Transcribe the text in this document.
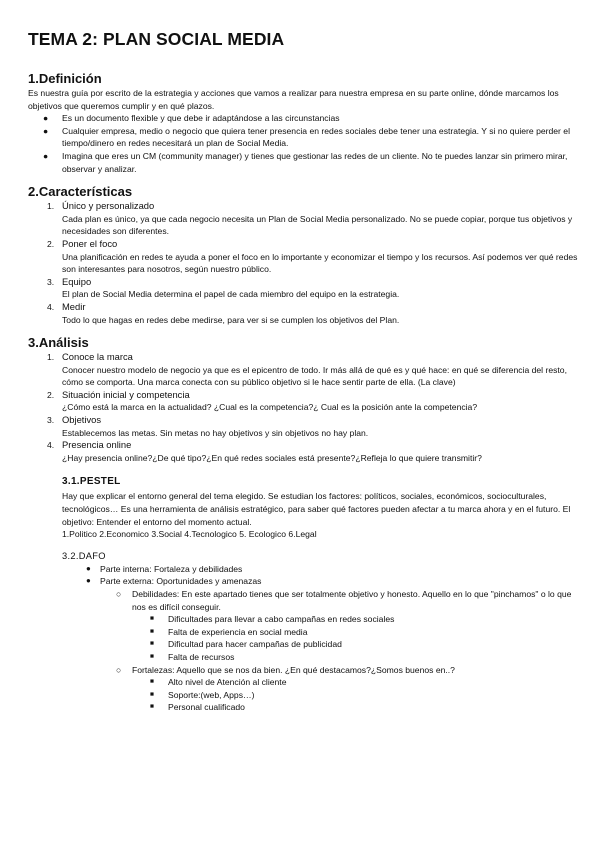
TEMA 2: PLAN SOCIAL MEDIA
1.Definición

Es nuestra guía por escrito de la estrategia y acciones que vamos a realizar para nuestra empresa en su parte online, dónde marcamos los objetivos que queremos cumplir y en qué plazos.

● Es un documento flexible y que debe ir adaptándose a las circunstancias
● Cualquier empresa, medio o negocio que quiera tener presencia en redes sociales debe tener una estrategia. Y si no quiere perder el tiempo/dinero en redes necesitará un plan de Social Media.
● Imagina que eres un CM (community manager) y tienes que gestionar las redes de un cliente. No te puedes lanzar sin primero mirar, observar y analizar.
2.Características
1. Único y personalizado
Cada plan es único, ya que cada negocio necesita un Plan de Social Media personalizado. No se puede copiar, porque tus objetivos y necesidades son diferentes.
2. Poner el foco
Una planificación en redes te ayuda a poner el foco en lo importante y economizar el tiempo y los recursos. Así podemos ver qué redes son interesantes para nosotros, según nuestro público.
3. Equipo
El plan de Social Media determina el papel de cada miembro del equipo en la estrategia.
4. Medir
Todo lo que hagas en redes debe medirse, para ver si se cumplen los objetivos del Plan.
3.Análisis
1. Conoce la marca
Conocer nuestro modelo de negocio ya que es el epicentro de todo. Ir más allá de qué es y qué hace: en qué se diferencia del resto, cómo se comporta. Una marca conecta con su público objetivo si le hace sentir parte de ella. (La clave)
2. Situación inicial y competencia
¿Cómo está la marca en la actualidad? ¿Cual es la competencia?¿ Cual es la posición ante la competencia?
3. Objetivos
Establecemos las metas. Sin metas no hay objetivos y sin objetivos no hay plan.
4. Presencia online
¿Hay presencia online?¿De qué tipo?¿En qué redes sociales está presente?¿Refleja lo que quiere transmitir?
3.1.PESTEL

Hay que explicar el entorno general del tema elegido. Se estudian los factores: políticos, sociales, económicos, socioculturales, tecnológicos… Es una herramienta de análisis estratégico, para saber qué factores pueden afectar a tu marca ahora y en el futuro. El objetivo: Entender el entorno del momento actual.

1.Politico 2.Economico 3.Social 4.Tecnologico 5. Ecologico 6.Legal

3.2.DAFO
● Parte interna: Fortaleza y debilidades
● Parte externa: Oportunidades y amenazas
○ Debilidades: En este apartado tienes que ser totalmente objetivo y honesto. Aquello en lo que "pinchamos" o lo que nos es difícil conseguir.
■ Dificultades para llevar a cabo campañas en redes sociales
■ Falta de experiencia en social media
■ Dificultad para hacer campañas de publicidad
■ Falta de recursos
○ Fortalezas: Aquello que se nos da bien. ¿En qué destacamos?¿Somos buenos en..?
■ Alto nivel de Atención al cliente
■ Soporte:(web, Apps…)
■ Personal cualificado
